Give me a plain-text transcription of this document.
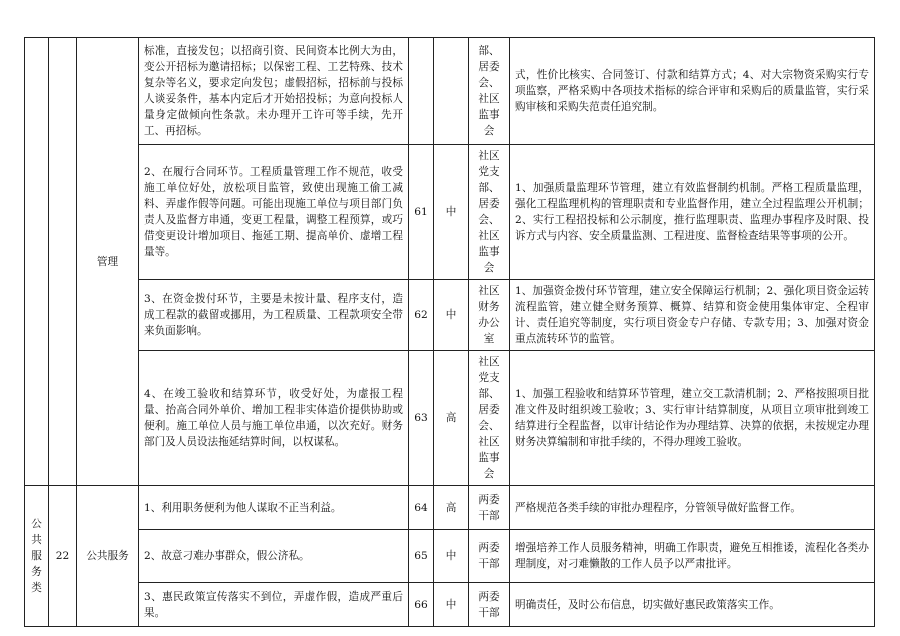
		管理	标准，直接发包；以招商引资、民间资本比例大为由，变公开招标为邀请招标；以保密工程、工艺特殊、技术复杂等名义，要求定向发包；虚假招标，招标前与投标人谈妥条件，基本内定后才开始招投标；为意向投标人量身定做倾向性条款。未办理开工许可等手续，先开工、再招标。			部、居委会、社区监事会	式，性价比核实、合同签订、付款和结算方式；4、对大宗物资采购实行专项监察，严格采购中各项技术指标的综合评审和采购后的质量监管，实行采购审核和采购失范责任追究制。
			2、在履行合同环节。工程质量管理工作不规范，收受施工单位好处，放松项目监管，致使出现施工偷工减料、弄虚作假等问题。可能出现施工单位与项目部门负责人及监督方串通，变更工程量，调整工程预算，或巧借变更设计增加项目、拖延工期、提高单价、虚增工程量等。	61	中	社区党支部、居委会、社区监事会	1、加强质量监理环节管理，建立有效监督制约机制。严格工程质量监理，强化工程监理机构的管理职责和专业监督作用，建立全过程监理公开机制；2、实行工程招投标和公示制度，推行监理职责、监理办事程序及时限、投诉方式与内容、安全质量监测、工程进度、监督检查结果等事项的公开。
			3、在资金拨付环节，主要是未按计量、程序支付，造成工程款的截留或挪用，为工程质量、工程款项安全带来负面影响。	62	中	社区财务办公室	1、加强资金拨付环节管理，建立安全保障运行机制；2、强化项目资金运转流程监管，建立健全财务预算、概算、结算和资金使用集体审定、全程审计、责任追究等制度，实行项目资金专户存储、专款专用；3、加强对资金重点流转环节的监管。
			4、在竣工验收和结算环节，收受好处，为虚报工程量、抬高合同外单价、增加工程非实体造价提供协助或便利。施工单位人员与施工单位串通，以次充好。财务部门及人员设法拖延结算时间，以权谋私。	63	高	社区党支部、居委会、社区监事会	1、加强工程验收和结算环节管理，建立交工款清机制；2、严格按照项目批准文件及时组织竣工验收；3、实行审计结算制度，从项目立项审批到竣工结算进行全程监督，以审计结论作为办理结算、决算的依据，未按规定办理财务决算编制和审批手续的，不得办理竣工验收。
公共服务类	22	公共服务	1、利用职务便利为他人谋取不正当利益。	64	高	两委干部	严格规范各类手续的审批办理程序，分管领导做好监督工作。
			2、故意刁难办事群众，假公济私。	65	中	两委干部	增强培养工作人员服务精神，明确工作职责，避免互相推诿，流程化各类办理制度，对刁难懒散的工作人员予以严肃批评。
			3、惠民政策宣传落实不到位，弄虚作假，造成严重后果。	66	中	两委干部	明确责任，及时公布信息，切实做好惠民政策落实工作。
